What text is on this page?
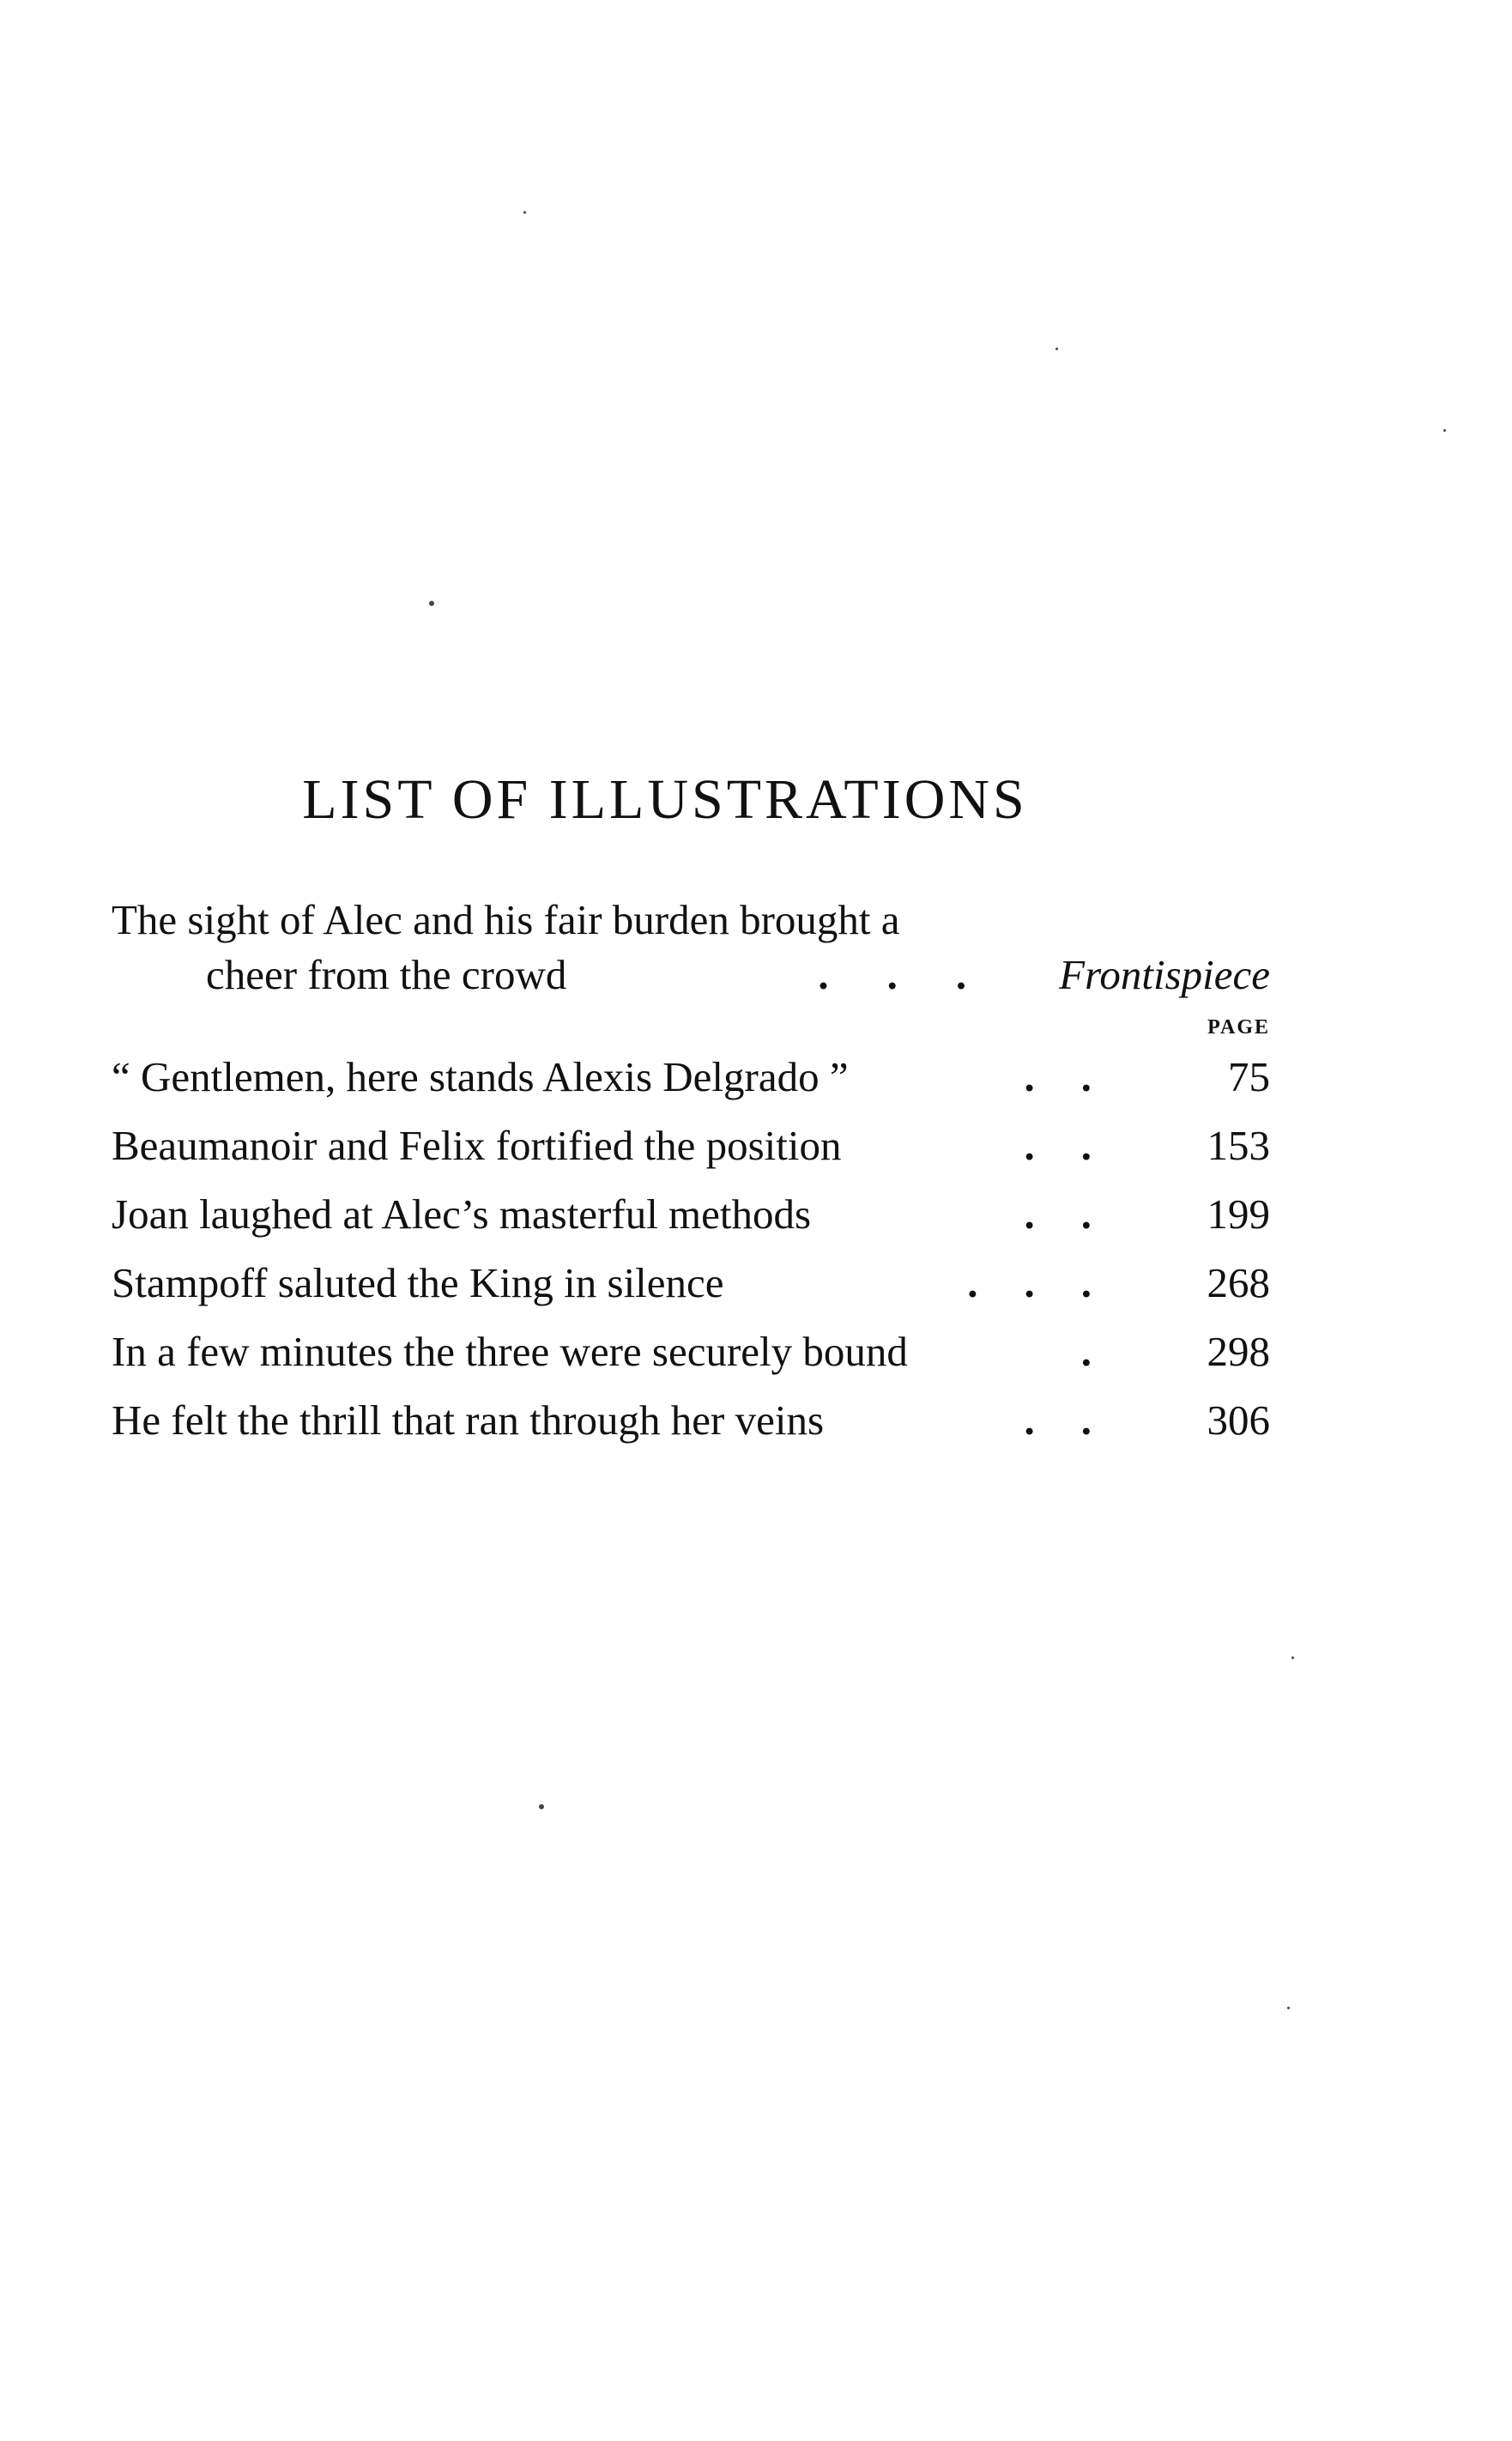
LIST OF ILLUSTRATIONS
The sight of Alec and his fair burden brought a
cheer from the crowd	... Frontispiece
PAGE
“ Gentlemen, here stands Alexis Delgrado ”	..	75
Beaumanoir and Felix fortified the position	..	153
Joan laughed at Alec’s masterful methods	..	199
Stampoff saluted the King in silence	...	268
In a few minutes the three were securely bound	.	298
He felt the thrill that ran through her veins	..	306
